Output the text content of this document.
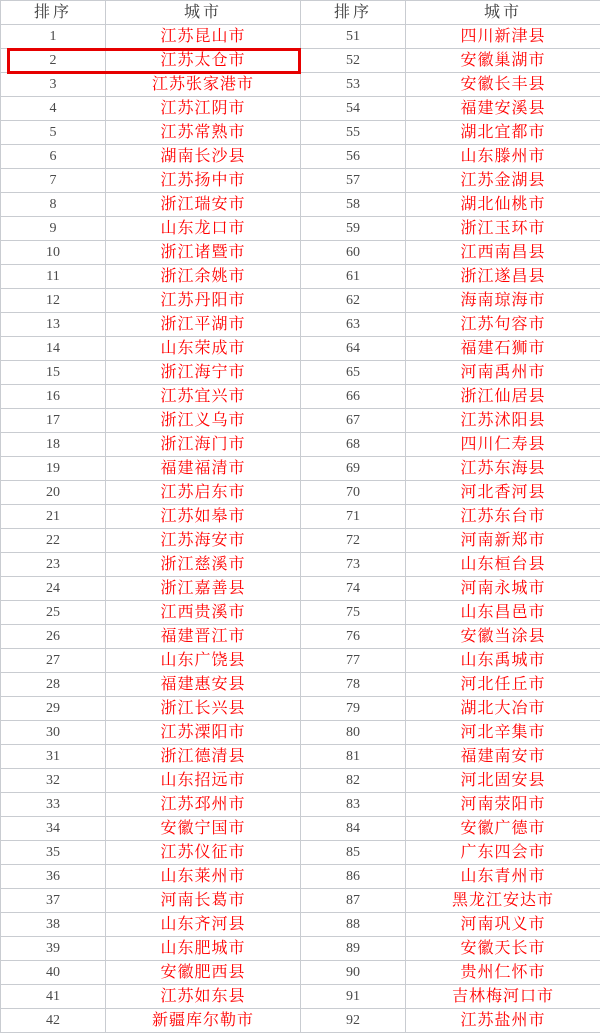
排序	城市	排序	城市
1	江苏昆山市	51	四川新津县
2	江苏太仓市	52	安徽巢湖市
3	江苏张家港市	53	安徽长丰县
4	江苏江阴市	54	福建安溪县
5	江苏常熟市	55	湖北宜都市
6	湖南长沙县	56	山东滕州市
7	江苏扬中市	57	江苏金湖县
8	浙江瑞安市	58	湖北仙桃市
9	山东龙口市	59	浙江玉环市
10	浙江诸暨市	60	江西南昌县
11	浙江余姚市	61	浙江遂昌县
12	江苏丹阳市	62	海南琼海市
13	浙江平湖市	63	江苏句容市
14	山东荣成市	64	福建石狮市
15	浙江海宁市	65	河南禹州市
16	江苏宜兴市	66	浙江仙居县
17	浙江义乌市	67	江苏沭阳县
18	浙江海门市	68	四川仁寿县
19	福建福清市	69	江苏东海县
20	江苏启东市	70	河北香河县
21	江苏如皋市	71	江苏东台市
22	江苏海安市	72	河南新郑市
23	浙江慈溪市	73	山东桓台县
24	浙江嘉善县	74	河南永城市
25	江西贵溪市	75	山东昌邑市
26	福建晋江市	76	安徽当涂县
27	山东广饶县	77	山东禹城市
28	福建惠安县	78	河北任丘市
29	浙江长兴县	79	湖北大冶市
30	江苏溧阳市	80	河北辛集市
31	浙江德清县	81	福建南安市
32	山东招远市	82	河北固安县
33	江苏邳州市	83	河南荥阳市
34	安徽宁国市	84	安徽广德市
35	江苏仪征市	85	广东四会市
36	山东莱州市	86	山东青州市
37	河南长葛市	87	黑龙江安达市
38	山东齐河县	88	河南巩义市
39	山东肥城市	89	安徽天长市
40	安徽肥西县	90	贵州仁怀市
41	江苏如东县	91	吉林梅河口市
42	新疆库尔勒市	92	江苏盐州市
